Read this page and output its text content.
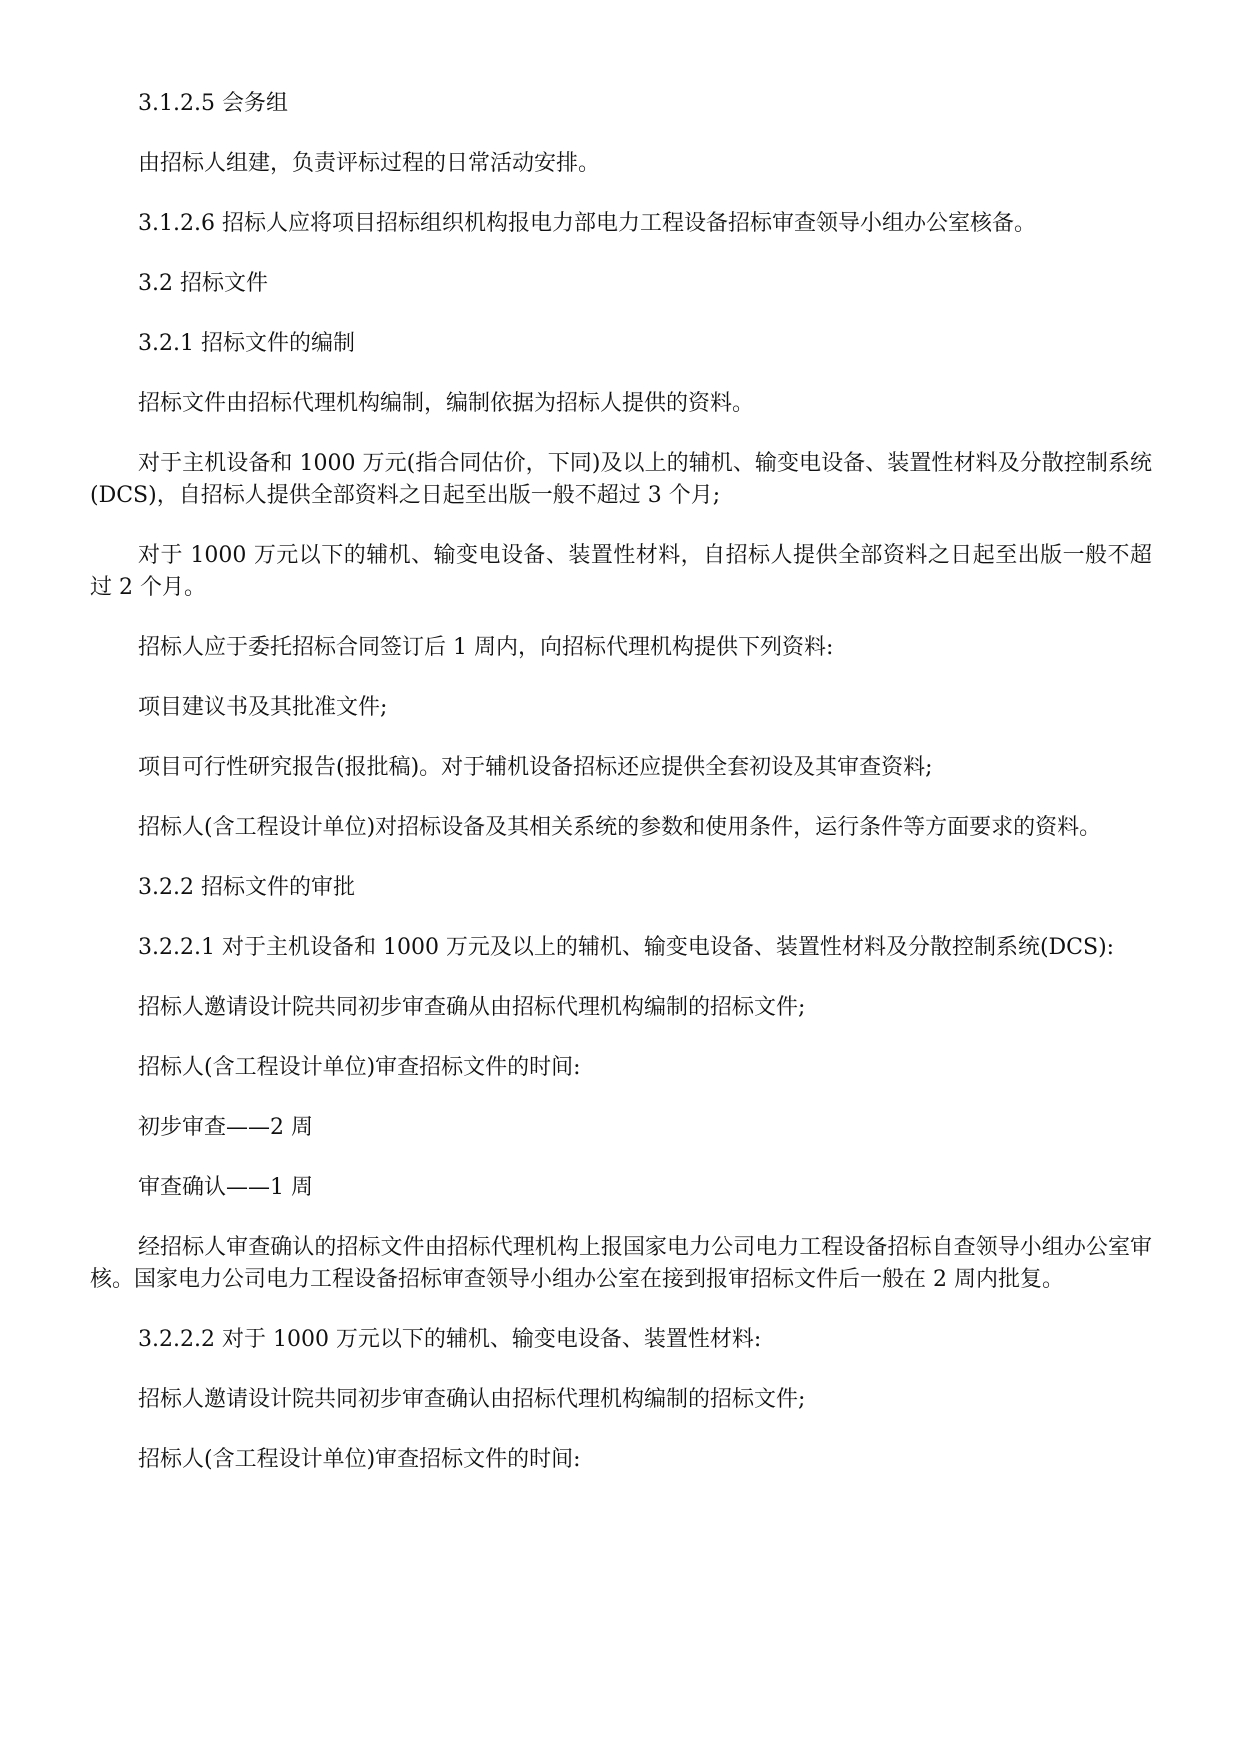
3.1.2.5 会务组

由招标人组建，负责评标过程的日常活动安排。

3.1.2.6 招标人应将项目招标组织机构报电力部电力工程设备招标审查领导小组办公室核备。

3.2 招标文件

3.2.1 招标文件的编制

招标文件由招标代理机构编制，编制依据为招标人提供的资料。

对于主机设备和 1000 万元(指合同估价，下同)及以上的辅机、输变电设备、装置性材料及分散控制系统(DCS)，自招标人提供全部资料之日起至出版一般不超过 3 个月;

对于 1000 万元以下的辅机、输变电设备、装置性材料，自招标人提供全部资料之日起至出版一般不超过 2 个月。

招标人应于委托招标合同签订后 1 周内，向招标代理机构提供下列资料:

项目建议书及其批准文件;

项目可行性研究报告(报批稿)。对于辅机设备招标还应提供全套初设及其审查资料;

招标人(含工程设计单位)对招标设备及其相关系统的参数和使用条件，运行条件等方面要求的资料。

3.2.2 招标文件的审批

3.2.2.1 对于主机设备和 1000 万元及以上的辅机、输变电设备、装置性材料及分散控制系统(DCS):

招标人邀请设计院共同初步审查确从由招标代理机构编制的招标文件;

招标人(含工程设计单位)审查招标文件的时间:

初步审查——2 周

审查确认——1 周

经招标人审查确认的招标文件由招标代理机构上报国家电力公司电力工程设备招标自查领导小组办公室审核。国家电力公司电力工程设备招标审查领导小组办公室在接到报审招标文件后一般在 2 周内批复。

3.2.2.2 对于 1000 万元以下的辅机、输变电设备、装置性材料:

招标人邀请设计院共同初步审查确认由招标代理机构编制的招标文件;

招标人(含工程设计单位)审查招标文件的时间:
